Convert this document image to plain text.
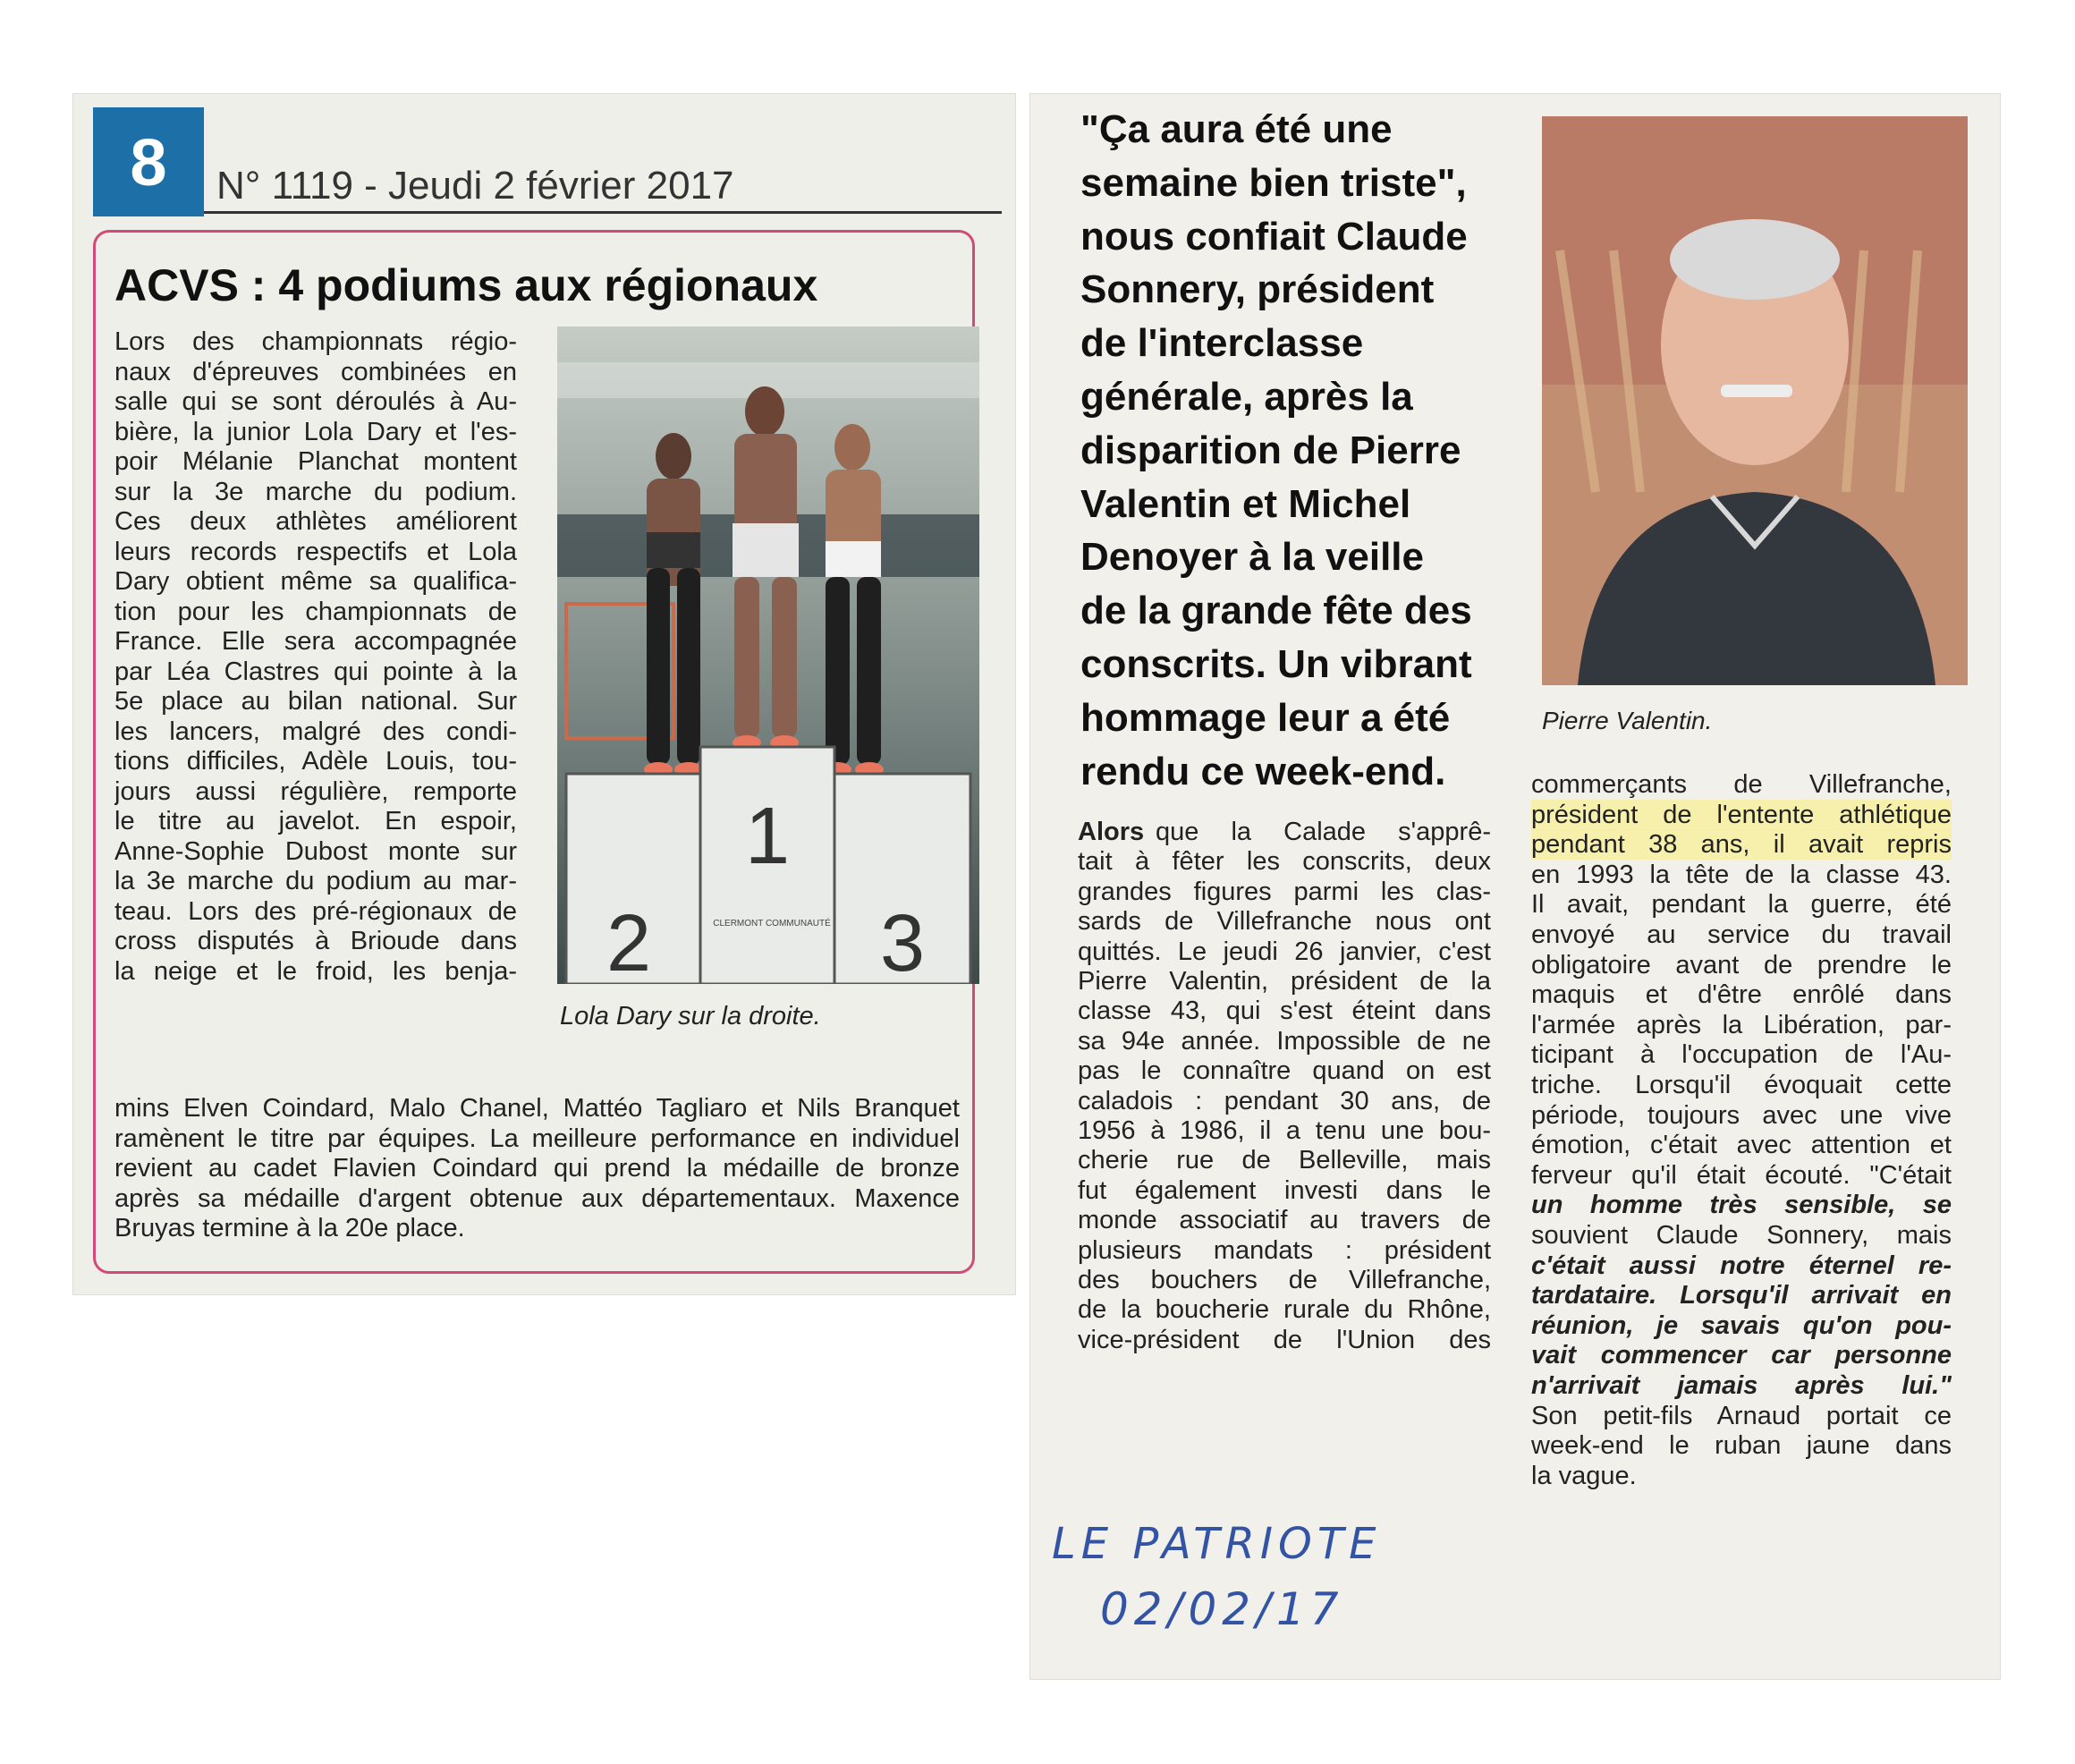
8	N° 1119 - Jeudi 2 février 2017
ACVS : 4 podiums aux régionaux
Lors des championnats régio-
naux d'épreuves combinées en
salle qui se sont déroulés à Au-
bière, la junior Lola Dary et l'es-
poir Mélanie Planchat montent
sur la 3e marche du podium.
Ces deux athlètes améliorent
leurs records respectifs et Lola
Dary obtient même sa qualifica-
tion pour les championnats de
France. Elle sera accompagnée
par Léa Clastres qui pointe à la
5e place au bilan national. Sur
les lancers, malgré des condi-
tions difficiles, Adèle Louis, tou-
jours aussi régulière, remporte
le titre au javelot. En espoir,
Anne-Sophie Dubost monte sur
la 3e marche du podium au mar-
teau. Lors des pré-régionaux de
cross disputés à Brioude dans
la neige et le froid, les benja-
mins Elven Coindard, Malo Chanel, Mattéo Tagliaro et Nils Branquet
ramènent le titre par équipes. La meilleure performance en individuel
revient au cadet Flavien Coindard qui prend la médaille de bronze
après sa médaille d'argent obtenue aux départementaux. Maxence
Bruyas termine à la 20e place.
1
2	3
CLERMONT COMMUNAUTÉ
Lola Dary sur la droite.
"Ça aura été une
semaine bien triste",
nous confiait Claude
Sonnery, président
de l'interclasse
générale, après la
disparition de Pierre
Valentin et Michel
Denoyer à la veille
de la grande fête des
conscrits. Un vibrant
hommage leur a été
rendu ce week-end.
Pierre Valentin.
Alors que la Calade s'apprê-
tait à fêter les conscrits, deux
grandes figures parmi les clas-
sards de Villefranche nous ont
quittés. Le jeudi 26 janvier, c'est
Pierre Valentin, président de la
classe 43, qui s'est éteint dans
sa 94e année. Impossible de ne
pas le connaître quand on est
caladois : pendant 30 ans, de
1956 à 1986, il a tenu une bou-
cherie rue de Belleville, mais
fut également investi dans le
monde associatif au travers de
plusieurs mandats : président
des bouchers de Villefranche,
de la boucherie rurale du Rhône,
vice-président de l'Union des
commerçants de Villefranche,
président de l'entente athlétique
pendant 38 ans, il avait repris
en 1993 la tête de la classe 43.
Il avait, pendant la guerre, été
envoyé au service du travail
obligatoire avant de prendre le
maquis et d'être enrôlé dans
l'armée après la Libération, par-
ticipant à l'occupation de l'Au-
triche. Lorsqu'il évoquait cette
période, toujours avec une vive
émotion, c'était avec attention et
ferveur qu'il était écouté. "C'était
un homme très sensible, se
souvient Claude Sonnery, mais
c'était aussi notre éternel re-
tardataire. Lorsqu'il arrivait en
réunion, je savais qu'on pou-
vait commencer car personne
n'arrivait jamais après lui."
Son petit-fils Arnaud portait ce
week-end le ruban jaune dans
la vague.
LE PATRIOTE
02/02/17
